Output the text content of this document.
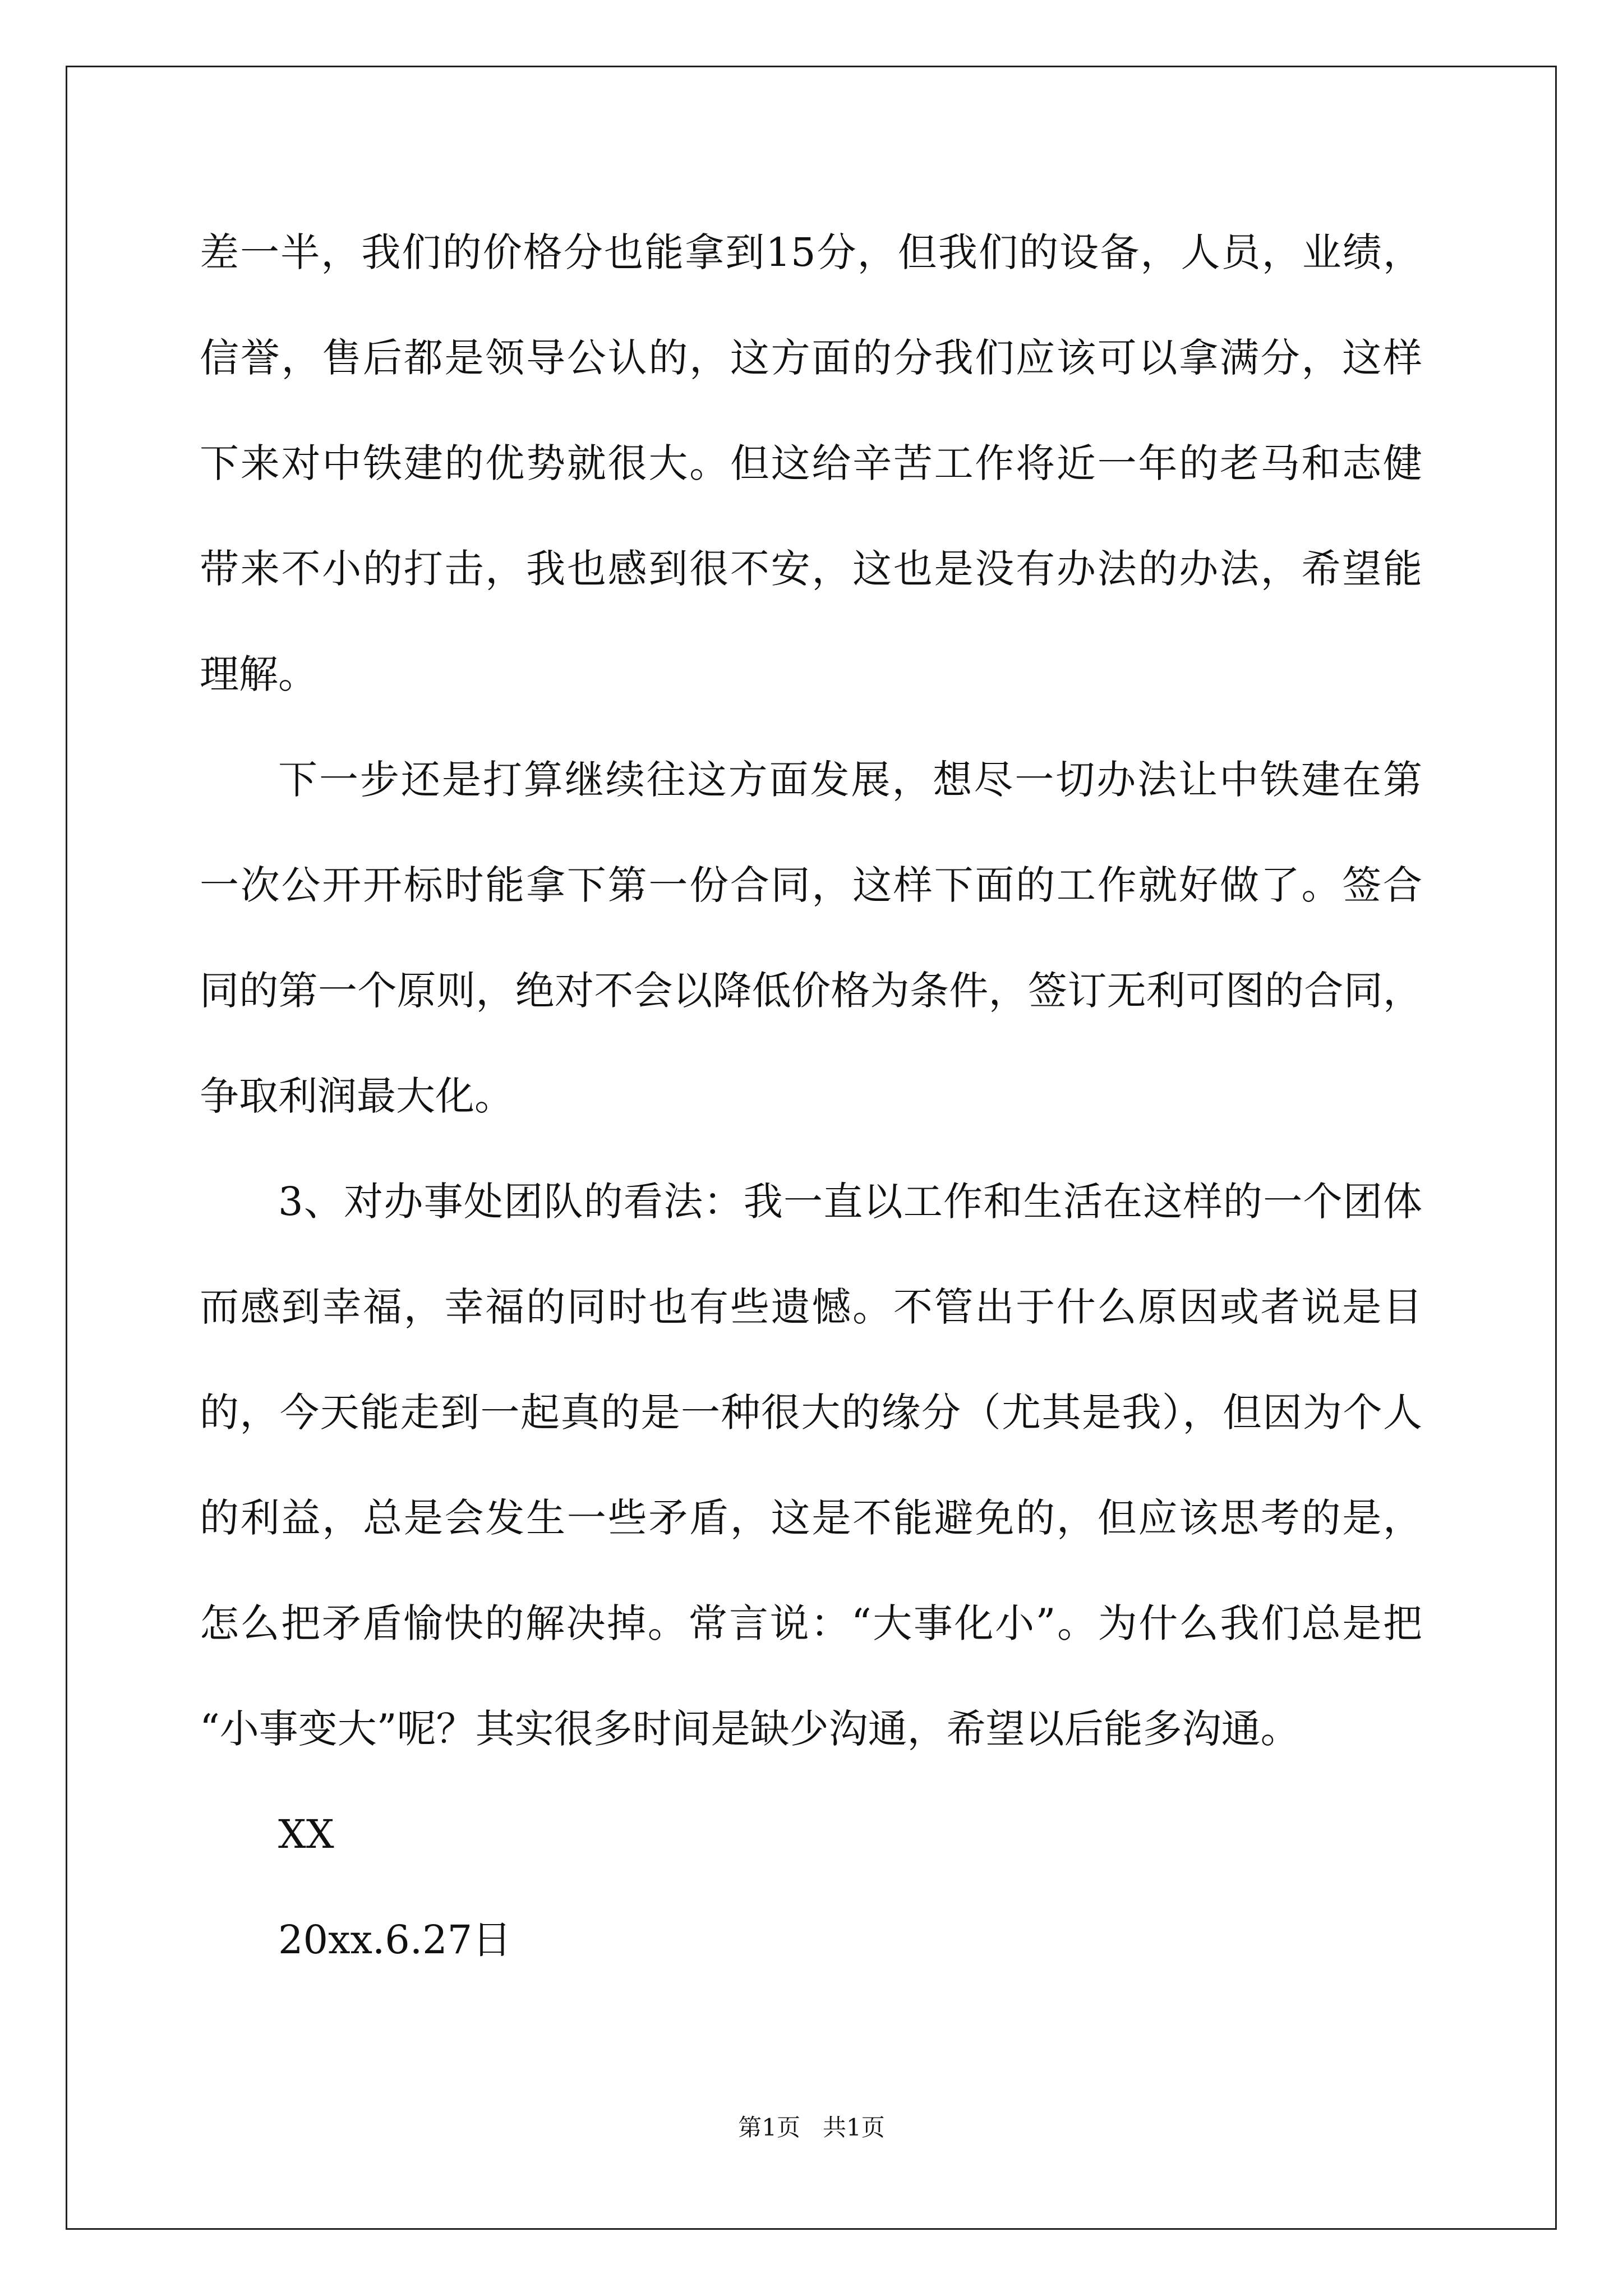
差一半，我们的价格分也能拿到15分，但我们的设备，人员，业绩，
信誉，售后都是领导公认的，这方面的分我们应该可以拿满分，这样
下来对中铁建的优势就很大。但这给辛苦工作将近一年的老马和志健
带来不小的打击，我也感到很不安，这也是没有办法的办法，希望能
理解。
下一步还是打算继续往这方面发展，想尽一切办法让中铁建在第
一次公开开标时能拿下第一份合同，这样下面的工作就好做了。签合
同的第一个原则，绝对不会以降低价格为条件，签订无利可图的合同，
争取利润最大化。
3、对办事处团队的看法：我一直以工作和生活在这样的一个团体
而感到幸福，幸福的同时也有些遗憾。不管出于什么原因或者说是目
的，今天能走到一起真的是一种很大的缘分（尤其是我），但因为个人
的利益，总是会发生一些矛盾，这是不能避免的，但应该思考的是，
怎么把矛盾愉快的解决掉。常言说：“大事化小”。为什么我们总是把
“小事变大”呢？其实很多时间是缺少沟通，希望以后能多沟通。
XX
20xx.6.27日
第1页   共1页
